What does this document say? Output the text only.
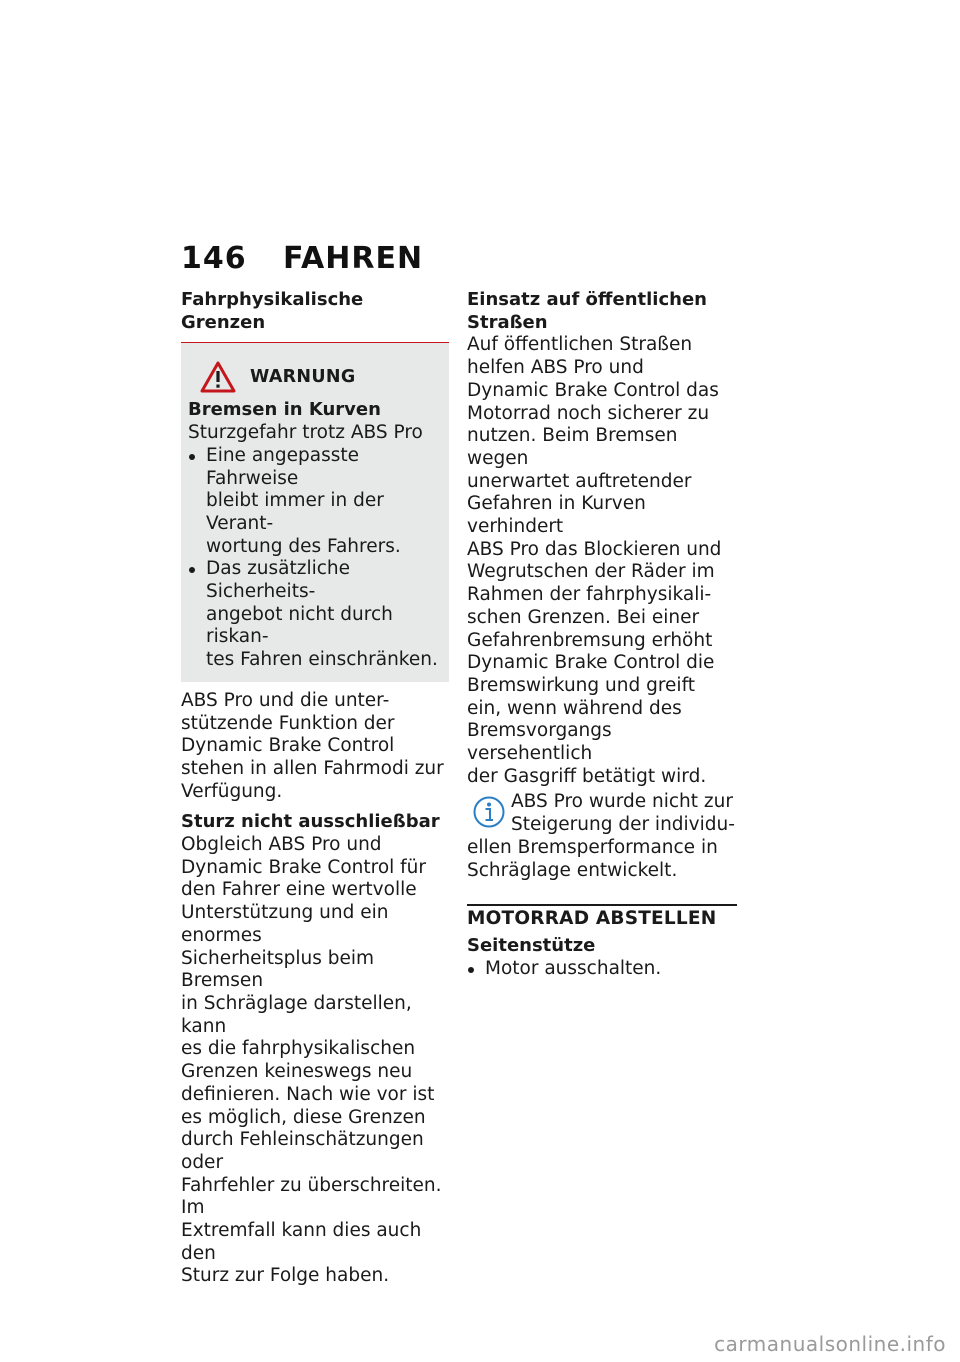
146 FAHREN

Fahrphysikalische Grenzen

WARNUNG

Bremsen in Kurven

Sturzgefahr trotz ABS Pro

Eine angepasste Fahrweise
bleibt immer in der Verant-
wortung des Fahrers.
Das zusätzliche Sicherheits-
angebot nicht durch riskan-
tes Fahren einschränken.
ABS Pro und die unter-
stützende Funktion der
Dynamic Brake Control
stehen in allen Fahrmodi zur
Verfügung.

Sturz nicht ausschließbar

Obgleich ABS Pro und
Dynamic Brake Control für
den Fahrer eine wertvolle
Unterstützung und ein enormes
Sicherheitsplus beim Bremsen
in Schräglage darstellen, kann
es die fahrphysikalischen
Grenzen keineswegs neu
definieren. Nach wie vor ist
es möglich, diese Grenzen
durch Fehleinschätzungen oder
Fahrfehler zu überschreiten. Im
Extremfall kann dies auch den
Sturz zur Folge haben.

Einsatz auf öffentlichen
Straßen

Auf öffentlichen Straßen
helfen ABS Pro und
Dynamic Brake Control das
Motorrad noch sicherer zu
nutzen. Beim Bremsen wegen
unerwartet auftretender
Gefahren in Kurven verhindert
ABS Pro das Blockieren und
Wegrutschen der Räder im
Rahmen der fahrphysikali-
schen Grenzen. Bei einer
Gefahrenbremsung erhöht
Dynamic Brake Control die
Bremswirkung und greift
ein, wenn während des
Bremsvorgangs versehentlich
der Gasgriff betätigt wird.
ABS Pro wurde nicht zur
Steigerung der individu-
ellen Bremsperformance in
Schräglage entwickelt.

MOTORRAD ABSTELLEN

Seitenstütze

Motor ausschalten.
carmanualsonline.info
